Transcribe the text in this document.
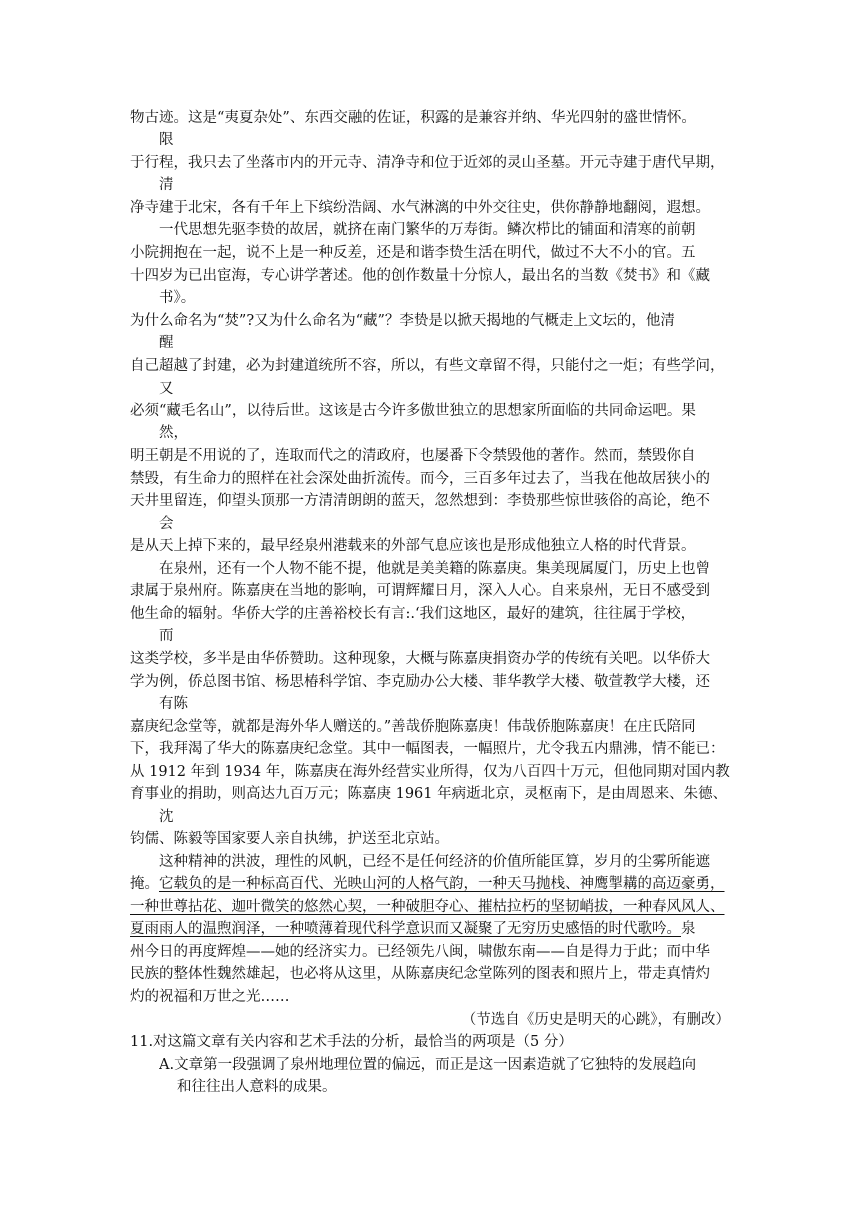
物古迹。这是“夷夏杂处”、东西交融的佐证，积露的是兼容并纳、华光四射的盛世情怀。
限
于行程，我只去了坐落市内的开元寺、清净寺和位于近郊的灵山圣墓。开元寺建于唐代早期，
清
净寺建于北宋，各有千年上下缤纷浩阔、水气淋漓的中外交往史，供你静静地翻阅，遐想。
一代思想先驱李贽的故居，就挤在南门繁华的万寿街。鳞次栉比的铺面和清寒的前朝
小院拥抱在一起，说不上是一种反差，还是和谐李贽生活在明代，做过不大不小的官。五
十四岁为已出宦海，专心讲学著述。他的创作数量十分惊人，最出名的当数《焚书》和《藏
书》。
为什么命名为“焚”?又为什么命名为“藏”？李贽是以掀天揭地的气概走上文坛的，他清
醒
自己超越了封建，必为封建道统所不容，所以，有些文章留不得，只能付之一炬；有些学问，
又
必须“藏毛名山”，以待后世。这该是古今许多傲世独立的思想家所面临的共同命运吧。果
然，
明王朝是不用说的了，连取而代之的清政府，也屡番下令禁毁他的著作。然而，禁毁你自
禁毁，有生命力的照样在社会深处曲折流传。而今，三百多年过去了，当我在他故居狭小的
天井里留连，仰望头顶那一方清清朗朗的蓝天，忽然想到：李贽那些惊世骇俗的高论，绝不
会
是从天上掉下来的，最早经泉州港载来的外部气息应该也是形成他独立人格的时代背景。
在泉州，还有一个人物不能不提，他就是美美籍的陈嘉庚。集美现属厦门，历史上也曾
隶属于泉州府。陈嘉庚在当地的影响，可谓辉耀日月，深入人心。自来泉州，无日不感受到
他生命的辐射。华侨大学的庄善裕校长有言:.‘我们这地区，最好的建筑，往往属于学校，
而
这类学校，多半是由华侨赞助。这种现象，大概与陈嘉庚捐资办学的传统有关吧。以华侨大
学为例，侨总图书馆、杨思椿科学馆、李克励办公大楼、菲华教学大楼、敬萱教学大楼，还
有陈
嘉庚纪念堂等，就都是海外华人赠送的。”善哉侨胞陈嘉庚！伟哉侨胞陈嘉庚！在庄氏陪同
下，我拜渴了华大的陈嘉庚纪念堂。其中一幅图表，一幅照片，尤令我五内鼎沸，情不能已：
从 1912 年到 1934 年，陈嘉庚在海外经营实业所得，仅为八百四十万元，但他同期对国内教
育事业的捐助，则高达九百万元；陈嘉庚 1961 年病逝北京，灵枢南下，是由周恩来、朱德、
沈
钧儒、陈毅等国家要人亲自执绋，护送至北京站。
这种精神的洪波，理性的风帆，已经不是任何经济的价值所能匡算，岁月的尘雾所能遮
掩。它载负的是一种标高百代、光映山河的人格气韵，一种天马抛栈、神鹰掣耩的高迈豪勇，
一种世尊拈花、迦叶微笑的悠然心契，一种破胆夺心、摧枯拉朽的坚韧峭拔，一种春风风人、
夏雨雨人的温煦润泽，一种喷薄着现代科学意识而又凝聚了无穷历史感悟的时代歌吟。泉
州今日的再度辉煌——她的经济实力。已经领先八闽，啸傲东南——自是得力于此；而中华
民族的整体性魏然雄起，也必将从这里，从陈嘉庚纪念堂陈列的图表和照片上，带走真情灼
灼的祝福和万世之光……
（节选自《历史是明天的心跳》，有删改）
11.对这篇文章有关内容和艺术手法的分析，最恰当的两项是（5 分）
A.文章第一段强调了泉州地理位置的偏远，而正是这一因素造就了它独特的发展趋向
和往往出人意料的成果。
